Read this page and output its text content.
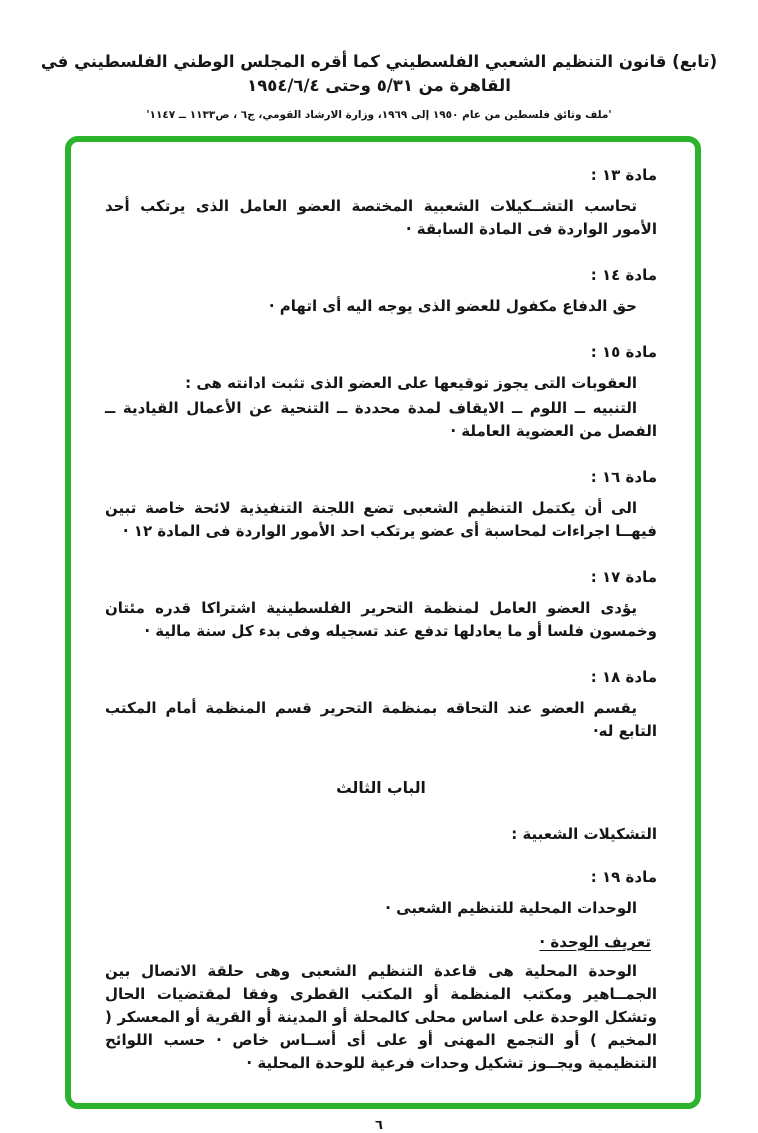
(تابع) قانون التنظيم الشعبي الفلسطيني كما أقره المجلس الوطني الفلسطيني في القاهرة من ٥/٣١ وحتى ١٩٥٤/٦/٤
'ملف وثائق فلسطين من عام ١٩٥٠ إلى ١٩٦٩، وزارة الارشاد القومي، ج٦ ، ص١١٣٣ ــ ١١٤٧'
مادة ١٣ :

تحاسب التشــكيلات الشعبية المختصة العضو العامل الذى يرتكب أحد الأمور الواردة فى المادة السابقة ·

مادة ١٤ :

حق الدفاع مكفول للعضو الذى يوجه اليه أى اتهام ·

مادة ١٥ :

العقوبات التى يجوز توقيعها على العضو الذى تثبت ادانته هى :

التنبيه ــ اللوم ــ الايقاف لمدة محددة ــ التنحية عن الأعمال القيادية ــ الفصل من العضوية العاملة ·

مادة ١٦ :

الى أن يكتمل التنظيم الشعبى تضع اللجنة التنفيذية لائحة خاصة تبين فيهــا اجراءات لمحاسبة أى عضو يرتكب احد الأمور الواردة فى المادة ١٢ ·

مادة ١٧ :

يؤدى العضو العامل لمنظمة التحرير الفلسطينية اشتراكا قدره مئتان وخمسون فلسا أو ما يعادلها تدفع عند تسجيله وفى بدء كل سنة مالية ·

مادة ١٨ :

يقسم العضو عند التحاقه بمنظمة التحرير قسم المنظمة أمام المكتب التابع له·

الباب الثالث
التشكيلات الشعبية :
مادة ١٩ :

الوحدات المحلية للتنظيم الشعبى ·

تعريف الوحدة ·

الوحدة المحلية هى قاعدة التنظيم الشعبى وهى حلقة الاتصال بين الجمــاهير ومكتب المنظمة أو المكتب القطرى وفقا لمقتضيات الحال وتشكل الوحدة على اساس محلى كالمحلة أو المدينة أو القرية أو المعسكر ( المخيم ) أو التجمع المهنى أو على أى أســاس خاص · حسب اللوائح التنظيمية ويجــوز تشكيل وحدات فرعية للوحدة المحلية ·

٦
